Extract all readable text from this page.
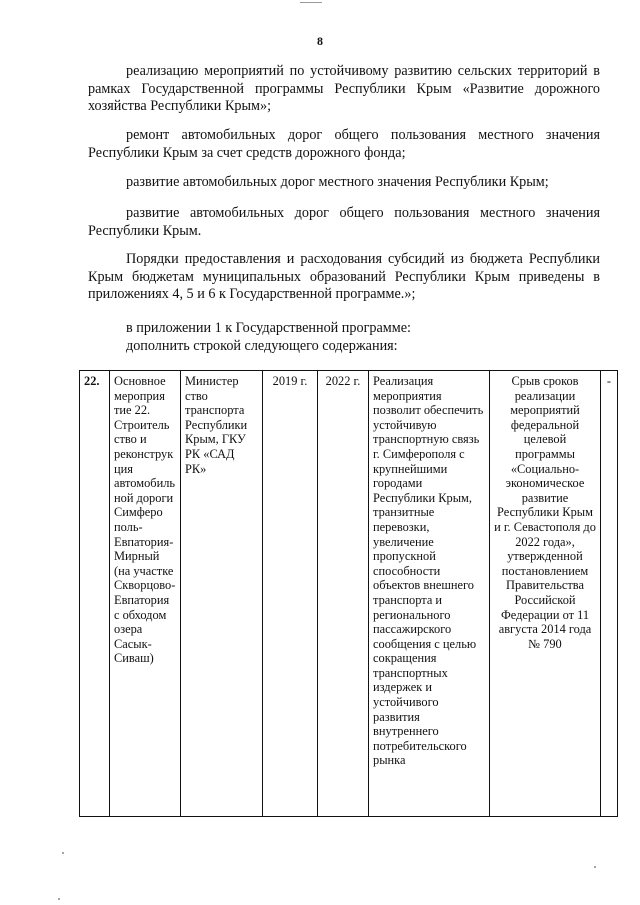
8
реализацию мероприятий по устойчивому развитию сельских территорий в рамках Государственной программы Республики Крым «Развитие дорожного хозяйства Республики Крым»;
ремонт автомобильных дорог общего пользования местного значения Республики Крым за счет средств дорожного фонда;
развитие автомобильных дорог местного значения Республики Крым;
развитие автомобильных дорог общего пользования местного значения Республики Крым.
Порядки предоставления и расходования субсидий из бюджета Республики Крым бюджетам муниципальных образований Республики Крым приведены в приложениях 4, 5 и 6 к Государственной программе.»;
в приложении 1 к Государственной программе:
дополнить строкой следующего содержания:
22.	Основное мероприя тие 22. Строитель ство и реконструк ция автомобиль ной дороги Симферо поль-Евпатория-Мирный (на участке Скворцово-Евпатория с обходом озера Сасык-Сиваш)	Министер ство транспорта Республики Крым, ГКУ РК «САД РК»	2019 г.	2022 г.	Реализация мероприятия позволит обеспечить устойчивую транспортную связь г. Симферополя с крупнейшими городами Республики Крым, транзитные перевозки, увеличение пропускной способности объектов внешнего транспорта и регионального пассажирского сообщения с целью сокращения транспортных издержек и устойчивого развития внутреннего потребительского рынка	Срыв сроков реализации мероприятий федеральной целевой программы «Социально-экономическое развитие Республики Крым и г. Севастополя до 2022 года», утвержденной постановлением Правительства Российской Федерации от 11 августа 2014 года № 790	-
